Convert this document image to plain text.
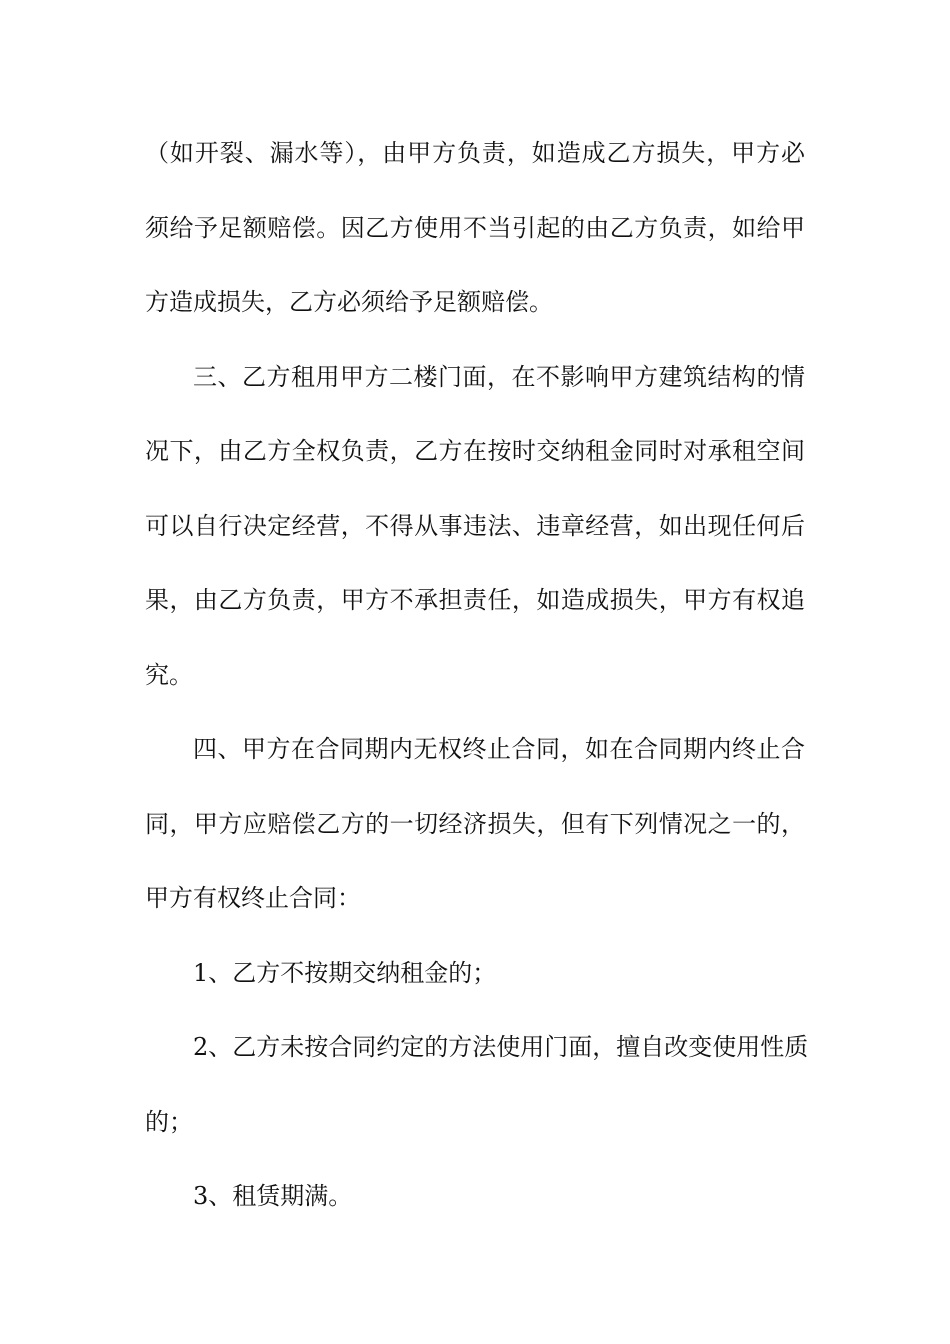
（如开裂、漏水等），由甲方负责，如造成乙方损失，甲方必
须给予足额赔偿。因乙方使用不当引起的由乙方负责，如给甲
方造成损失，乙方必须给予足额赔偿。
三、乙方租用甲方二楼门面，在不影响甲方建筑结构的情
况下，由乙方全权负责，乙方在按时交纳租金同时对承租空间
可以自行决定经营，不得从事违法、违章经营，如出现任何后
果，由乙方负责，甲方不承担责任，如造成损失，甲方有权追
究。
四、甲方在合同期内无权终止合同，如在合同期内终止合
同，甲方应赔偿乙方的一切经济损失，但有下列情况之一的，
甲方有权终止合同：
1、乙方不按期交纳租金的；
2、乙方未按合同约定的方法使用门面，擅自改变使用性质
的；
3、租赁期满。
